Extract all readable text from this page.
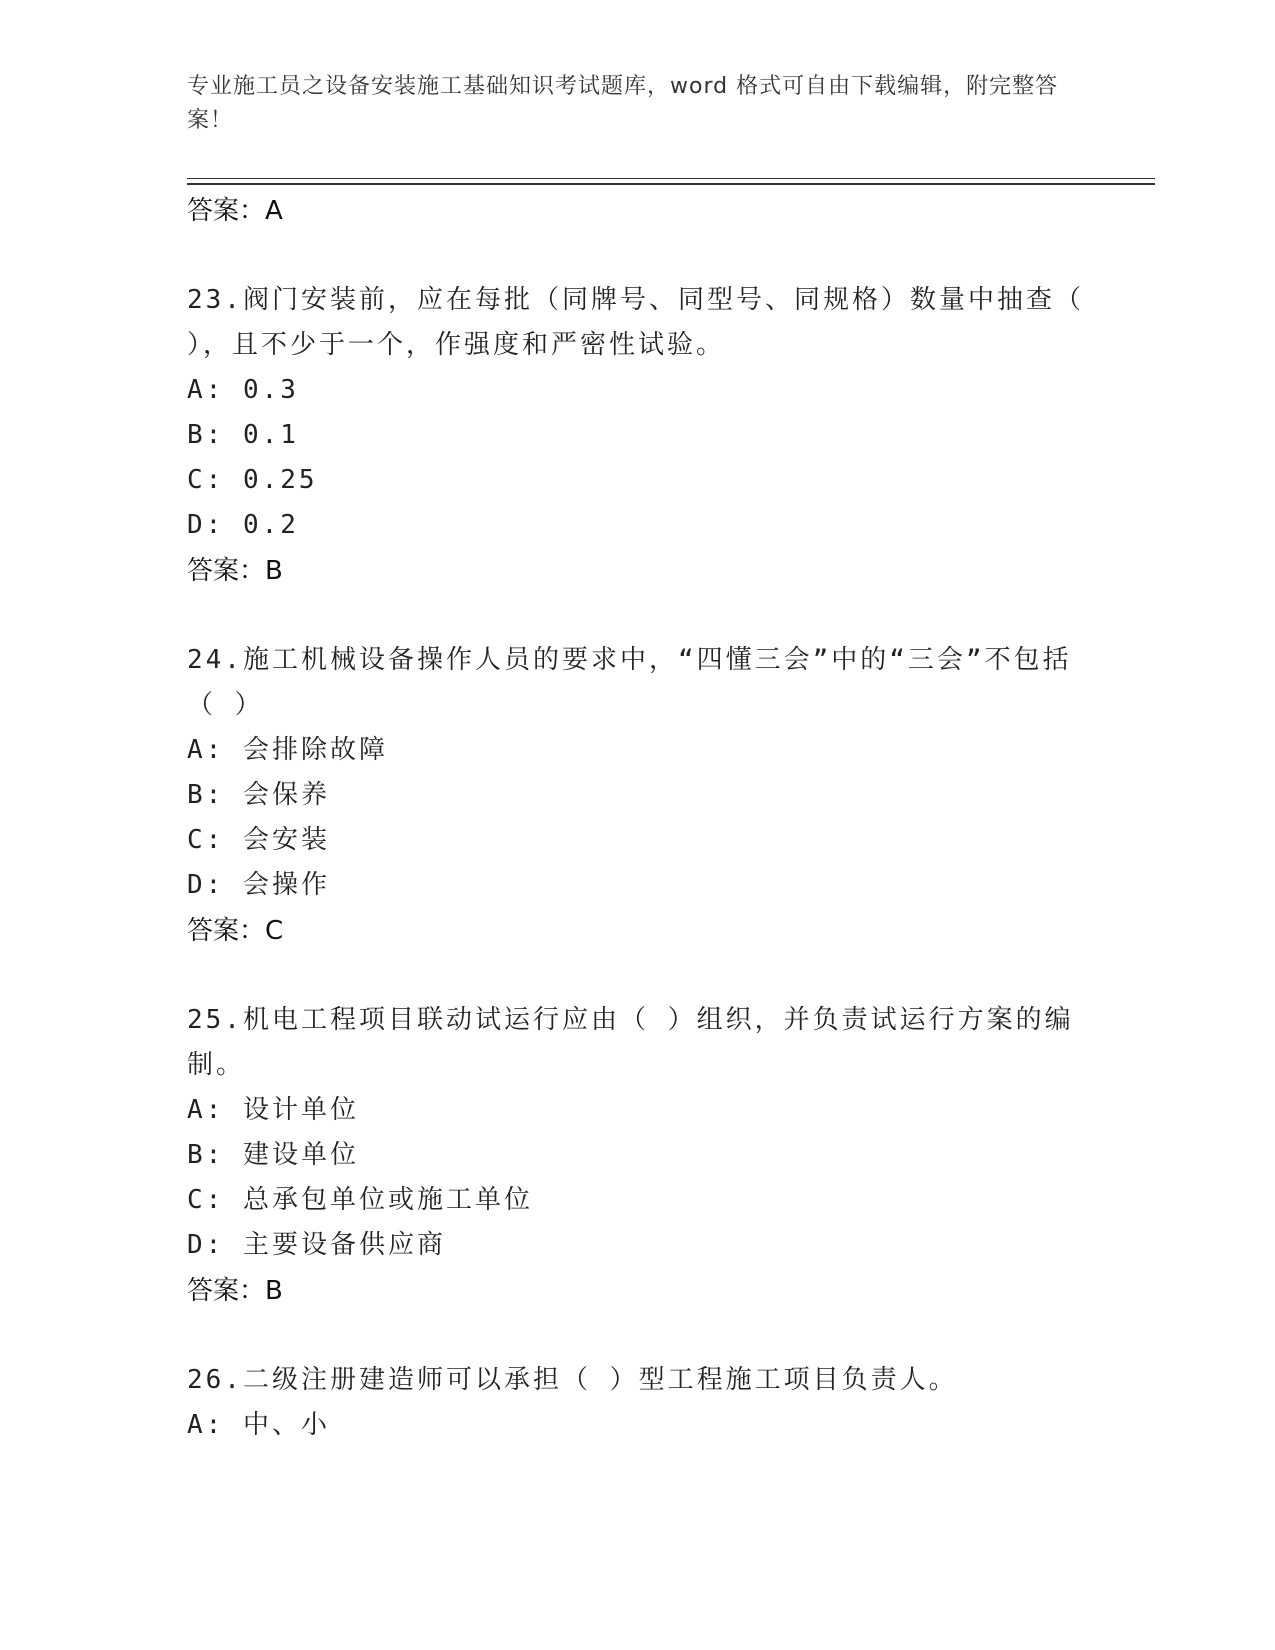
专业施工员之设备安装施工基础知识考试题库，word 格式可自由下载编辑，附完整答案！
答案：A
23.阀门安装前，应在每批（同牌号、同型号、同规格）数量中抽查（ ），且不少于一个，作强度和严密性试验。
A: 0.3
B: 0.1
C: 0.25
D: 0.2
答案：B
24.施工机械设备操作人员的要求中，“四懂三会”中的“三会”不包括（ ）
A: 会排除故障
B: 会保养
C: 会安装
D: 会操作
答案：C
25.机电工程项目联动试运行应由（ ）组织，并负责试运行方案的编制。
A: 设计单位
B: 建设单位
C: 总承包单位或施工单位
D: 主要设备供应商
答案：B
26.二级注册建造师可以承担（ ）型工程施工项目负责人。
A: 中、小
